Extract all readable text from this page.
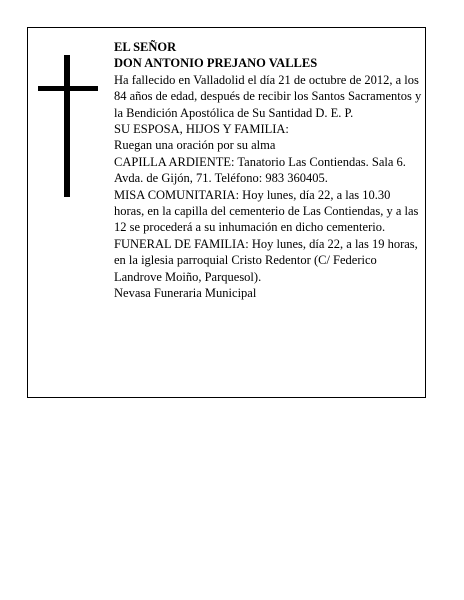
EL SEÑOR

DON ANTONIO PREJANO VALLES

Ha fallecido en Valladolid el día 21 de octubre de 2012, a los 84 años de edad, después de recibir los Santos Sacramentos y la Bendición Apostólica de Su Santidad D. E. P.

SU ESPOSA, HIJOS Y FAMILIA:

Ruegan una oración por su alma

CAPILLA ARDIENTE: Tanatorio Las Contiendas. Sala 6. Avda. de Gijón, 71. Teléfono: 983 360405.

MISA COMUNITARIA: Hoy lunes, día 22, a las 10.30 horas, en la capilla del cementerio de Las Contiendas, y a las 12 se procederá a su inhumación en dicho cementerio.

FUNERAL DE FAMILIA: Hoy lunes, día 22, a las 19 horas, en la iglesia parroquial Cristo Redentor (C/ Federico Landrove Moiño, Parquesol).

Nevasa Funeraria Municipal
